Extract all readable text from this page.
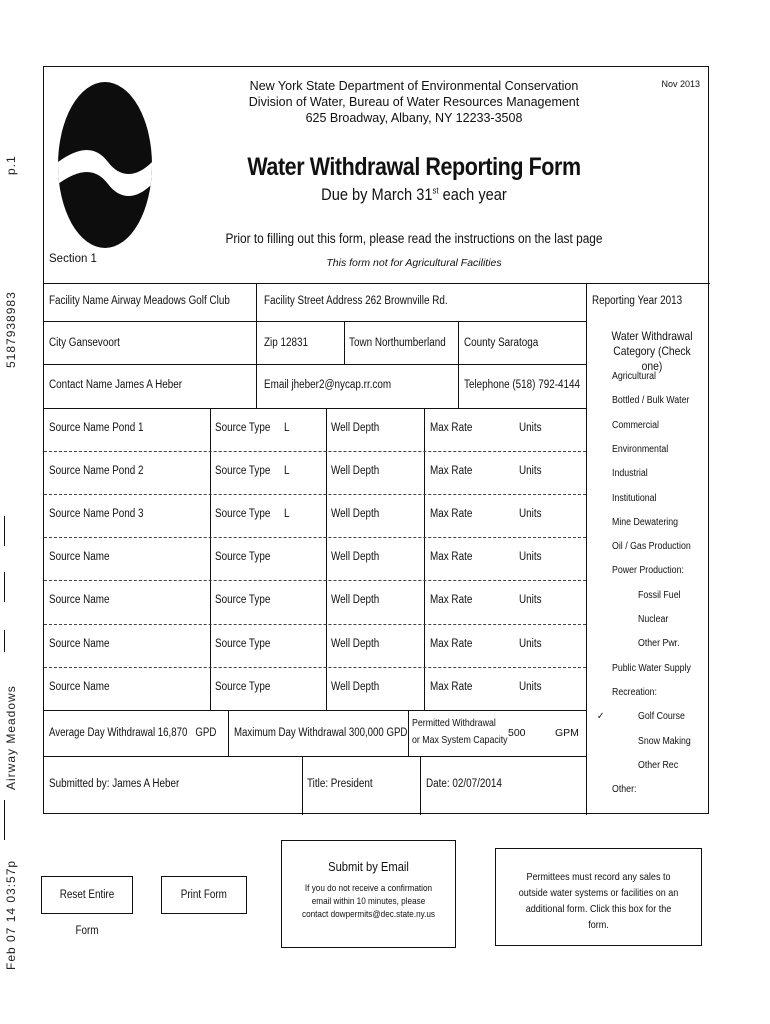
p.1
5187938983
Airway Meadows
Feb 07 14 03:57p
New York State Department of Environmental Conservation
Division of Water, Bureau of Water Resources Management
625 Broadway, Albany, NY 12233-3508
Nov 2013
Water Withdrawal Reporting Form
Due by March 31st each year
Prior to filling out this form, please read the instructions on the last page
This form not for Agricultural Facilities
Section 1
Facility Name Airway Meadows Golf Club	Facility Street Address 262 Brownville Rd.	Reporting Year 2013
City Gansevoort	Zip 12831	Town Northumberland County Saratoga
Contact Name James A Heber	Email jheber2@nycap.rr.com	Telephone (518) 792-4144
Source Name Pond 1	Source Type L	Well Depth	Max Rate	Units
Source Name Pond 2	Source Type L	Well Depth	Max Rate	Units
Source Name Pond 3	Source Type L	Well Depth	Max Rate	Units
Source Name	Source Type	Well Depth	Max Rate	Units
Source Name	Source Type	Well Depth	Max Rate	Units
Source Name	Source Type	Well Depth	Max Rate	Units
Source Name	Source Type	Well Depth	Max Rate	Units
Average Day Withdrawal 16,870 GPD Maximum Day Withdrawal 300,000 GPD
Permitted Withdrawal
or Max System Capacity
500	GPM
Submitted by: James A Heber	Title: President	Date: 02/07/2014
Water Withdrawal
Category (Check one)
Agricultural
Bottled / Bulk Water
Commercial
Environmental
Industrial
Institutional
Mine Dewatering
Oil / Gas Production
Power Production:
Fossil Fuel
Nuclear
Other Pwr.
Public Water Supply
Recreation:
Golf Course
✓
Snow Making
Other Rec
Other:
Reset Entire Form
Print Form
Submit by Email
If you do not receive a confirmation email within 10 minutes, please contact dowpermits@dec.state.ny.us
Permittees must record any sales to outside water systems or facilities on an additional form. Click this box for the form.
